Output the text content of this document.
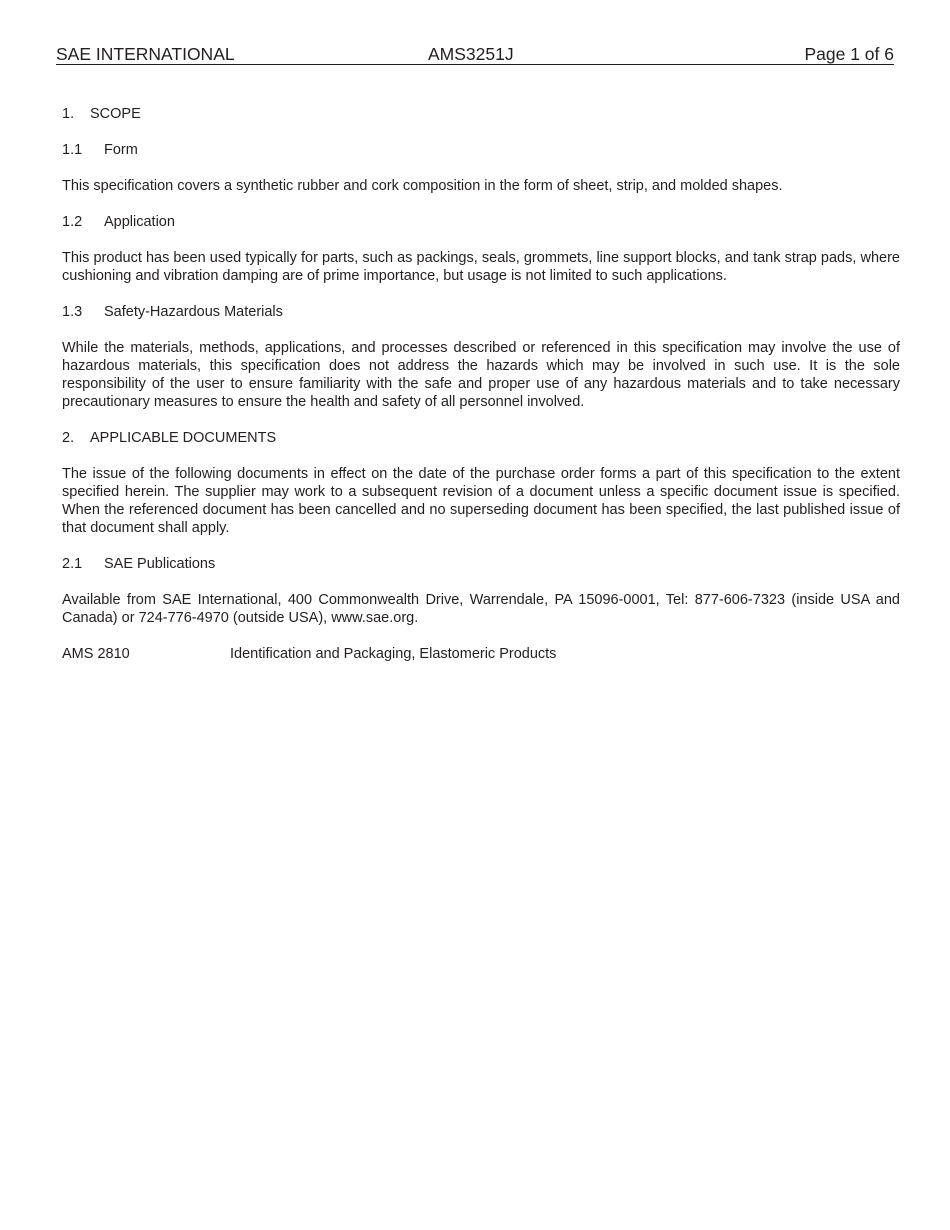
SAE INTERNATIONAL	AMS3251J	Page 1 of 6
1. SCOPE
1.1 Form

This specification covers a synthetic rubber and cork composition in the form of sheet, strip, and molded shapes.

1.2 Application

This product has been used typically for parts, such as packings, seals, grommets, line support blocks, and tank strap pads, where cushioning and vibration damping are of prime importance, but usage is not limited to such applications.

1.3 Safety-Hazardous Materials

While the materials, methods, applications, and processes described or referenced in this specification may involve the use of hazardous materials, this specification does not address the hazards which may be involved in such use. It is the sole responsibility of the user to ensure familiarity with the safe and proper use of any hazardous materials and to take necessary precautionary measures to ensure the health and safety of all personnel involved.

2. APPLICABLE DOCUMENTS

The issue of the following documents in effect on the date of the purchase order forms a part of this specification to the extent specified herein. The supplier may work to a subsequent revision of a document unless a specific document issue is specified. When the referenced document has been cancelled and no superseding document has been specified, the last published issue of that document shall apply.

2.1 SAE Publications

Available from SAE International, 400 Commonwealth Drive, Warrendale, PA 15096-0001, Tel: 877-606-7323 (inside USA and Canada) or 724-776-4970 (outside USA), www.sae.org.

AMS 2810	Identification and Packaging, Elastomeric Products
